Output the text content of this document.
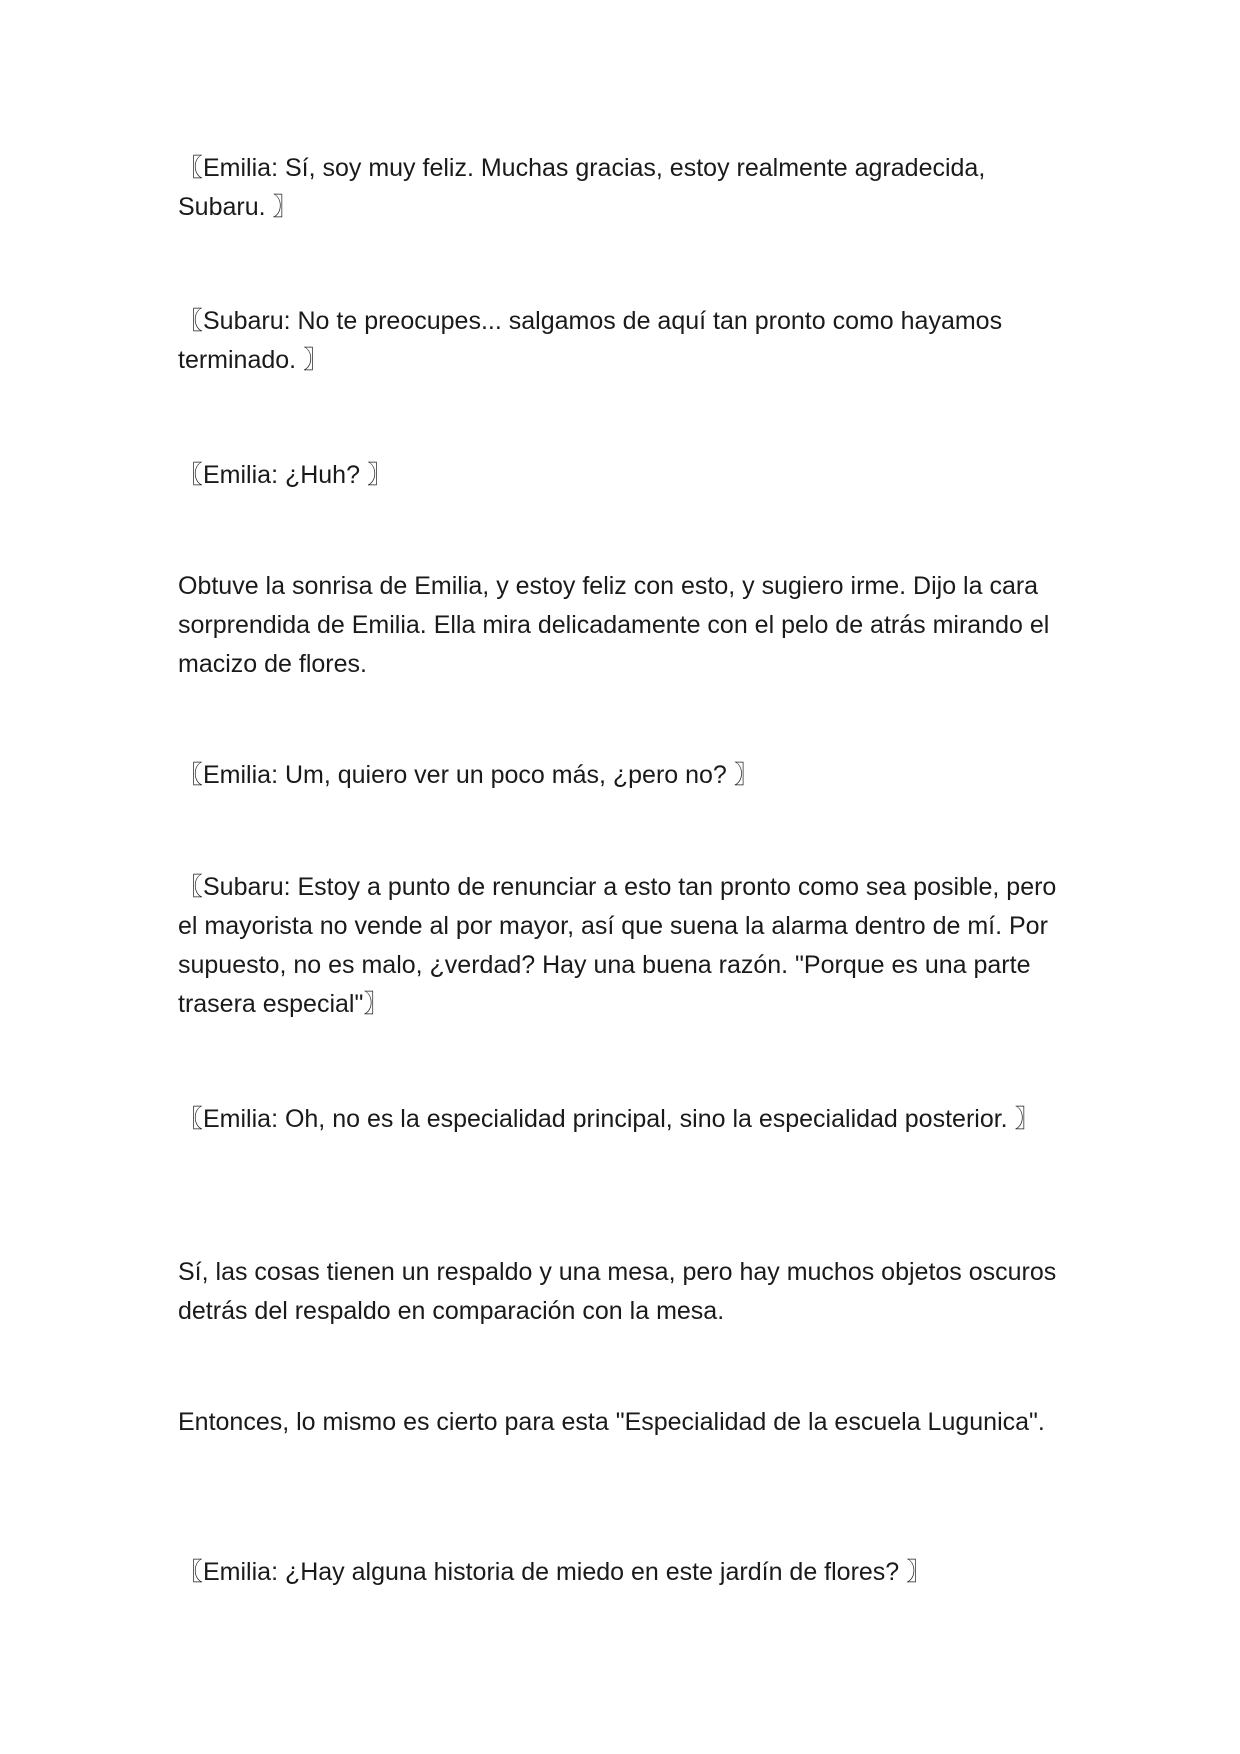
〖Emilia: Sí, soy muy feliz. Muchas gracias, estoy realmente agradecida, Subaru. 〗

〖Subaru: No te preocupes... salgamos de aquí tan pronto como hayamos terminado. 〗

〖Emilia: ¿Huh? 〗

Obtuve la sonrisa de Emilia, y estoy feliz con esto, y sugiero irme. Dijo la cara sorprendida de Emilia. Ella mira delicadamente con el pelo de atrás mirando el macizo de flores.

〖Emilia: Um, quiero ver un poco más, ¿pero no? 〗

〖Subaru: Estoy a punto de renunciar a esto tan pronto como sea posible, pero el mayorista no vende al por mayor, así que suena la alarma dentro de mí. Por supuesto, no es malo, ¿verdad? Hay una buena razón. "Porque es una parte trasera especial"〗

〖Emilia: Oh, no es la especialidad principal, sino la especialidad posterior. 〗

Sí, las cosas tienen un respaldo y una mesa, pero hay muchos objetos oscuros detrás del respaldo en comparación con la mesa.

Entonces, lo mismo es cierto para esta "Especialidad de la escuela Lugunica".

〖Emilia: ¿Hay alguna historia de miedo en este jardín de flores? 〗
